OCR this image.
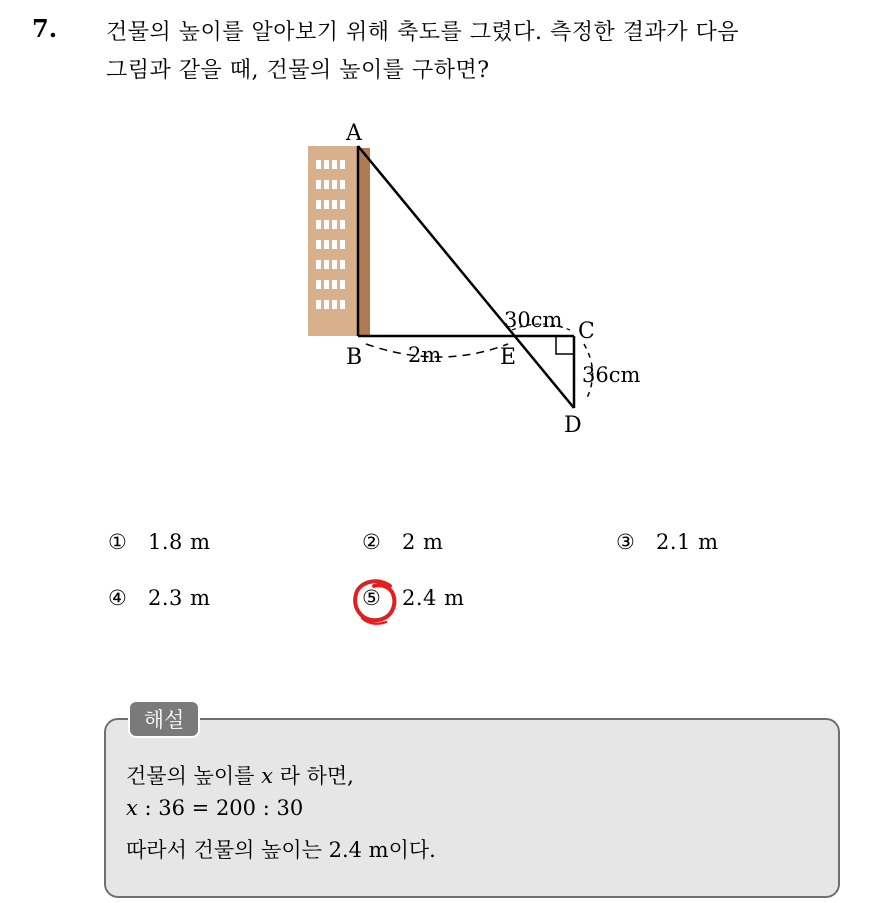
7. 건물의 높이를 알아보기 위해 축도를 그렸다. 측정한 결과가 다음
그림과 같을 때, 건물의 높이를 구하면?
A
B
C
D
E
2m
30cm
36cm
① 1.8 m	② 2 m	③ 2.1 m
④ 2.3 m	⑤ 2.4 m
해설
건물의 높이를 x 라 하면,
x : 36 = 200 : 30
따라서 건물의 높이는 2.4 m이다.
